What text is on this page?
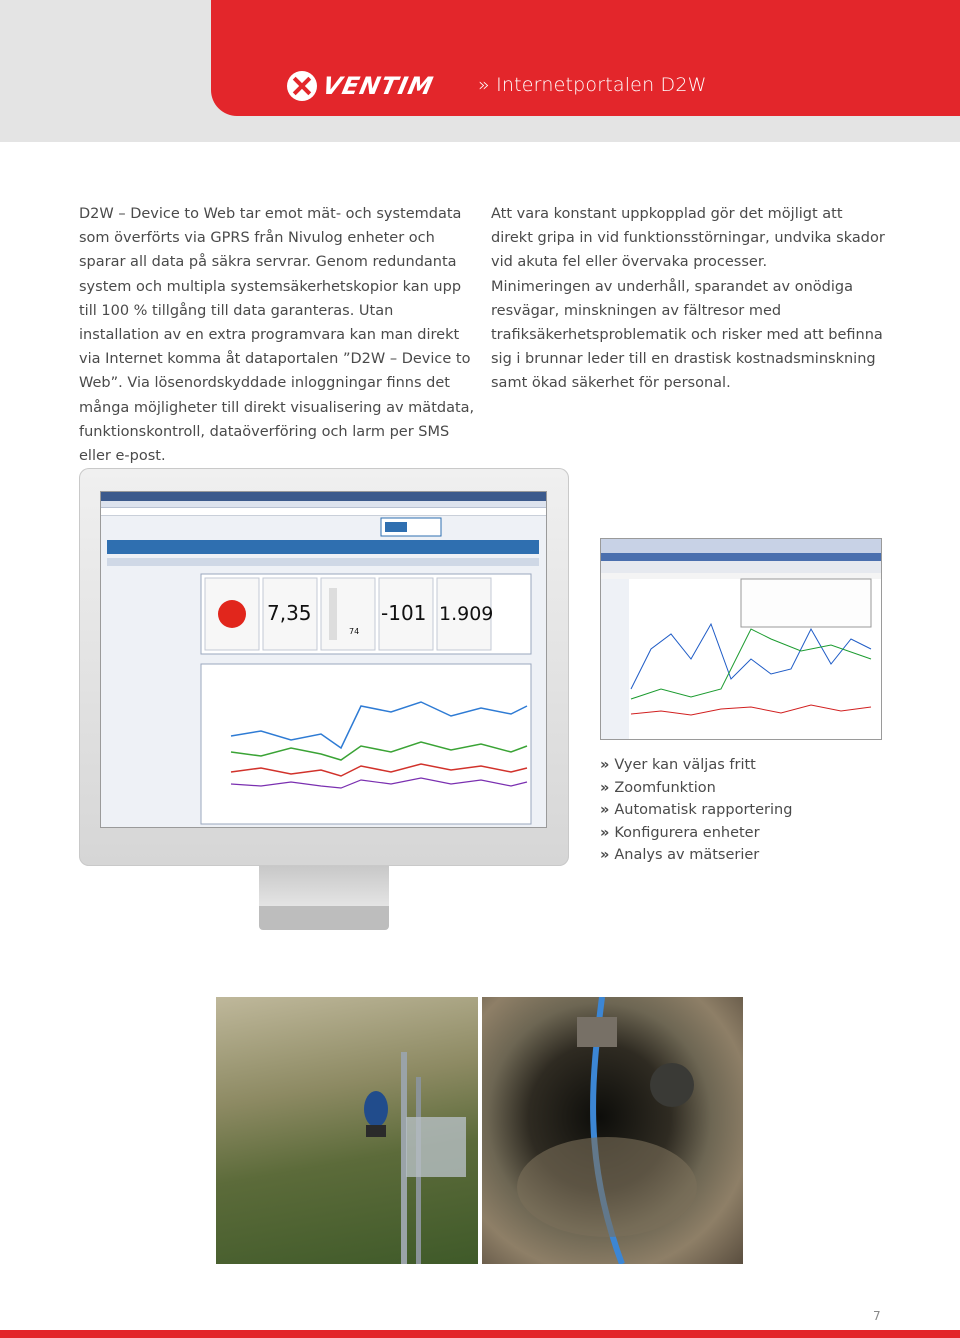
VENTIM » Internetportalen D2W

D2W – Device to Web tar emot mät- och systemdata som överförts via GPRS från Nivulog enheter och sparar all data på säkra servrar. Genom redundanta system och multipla systemsäkerhetskopior kan upp till 100 % tillgång till data garanteras. Utan installation av en extra programvara kan man direkt via Internet komma åt dataportalen ”D2W – Device to Web”. Via lösenordskyddade inloggningar finns det många möjligheter till direkt visualisering av mätdata, funktionskontroll, dataöverföring och larm per SMS eller e-post.

Att vara konstant uppkopplad gör det möjligt att direkt gripa in vid funktionsstörningar, undvika skador vid akuta fel eller övervaka processer.

Minimeringen av underhåll, sparandet av onödiga resvägar, minskningen av fältresor med trafiksäkerhetsproblematik och risker med att befinna sig i brunnar leder till en drastisk kostnadsminskning samt ökad säkerhet för personal.

7,35
74
-101 1.909
» Vyer kan väljas fritt
» Zoomfunktion
» Automatisk rapportering
» Konfigurera enheter
» Analys av mätserier
7
